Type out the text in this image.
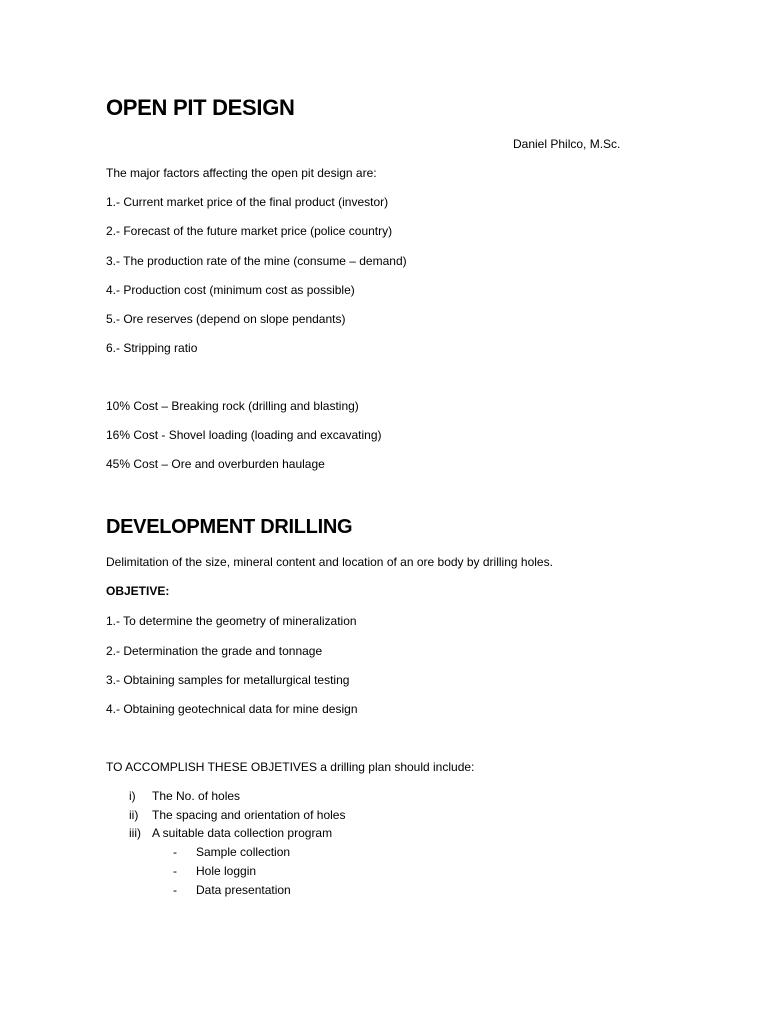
OPEN PIT DESIGN
Daniel Philco, M.Sc.
The major factors affecting the open pit design are:
1.- Current market price of the final product (investor)
2.- Forecast of the future market price (police country)
3.- The production rate of the mine (consume – demand)
4.- Production cost (minimum cost as possible)
5.- Ore reserves (depend on slope pendants)
6.- Stripping ratio
10% Cost – Breaking rock (drilling and blasting)
16% Cost - Shovel loading (loading and excavating)
45% Cost – Ore and overburden haulage
DEVELOPMENT DRILLING
Delimitation of the size, mineral content and location of an ore body by drilling holes.
OBJETIVE:
1.- To determine the geometry of mineralization
2.- Determination the grade and tonnage
3.- Obtaining samples for metallurgical testing
4.- Obtaining geotechnical data for mine design
TO ACCOMPLISH THESE OBJETIVES a drilling plan should include:
i) The No. of holes
ii) The spacing and orientation of holes
iii) A suitable data collection program
- Sample collection
- Hole loggin
- Data presentation
